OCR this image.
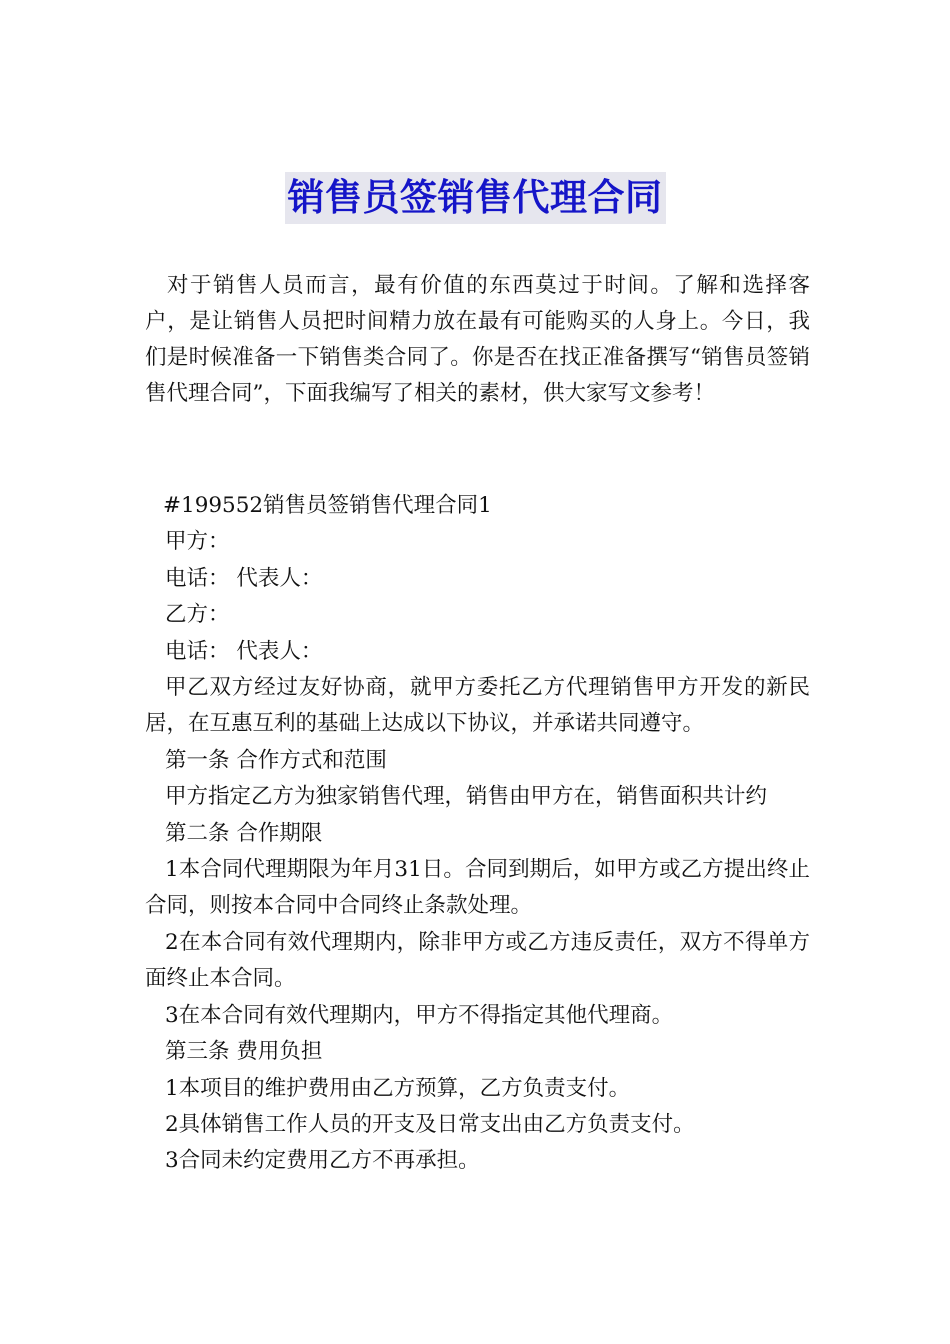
销售员签销售代理合同

对于销售人员而言，最有价值的东西莫过于时间。了解和选择客户，是让销售人员把时间精力放在最有可能购买的人身上。今日，我们是时候准备一下销售类合同了。你是否在找正准备撰写“销售员签销售代理合同”，下面我编写了相关的素材，供大家写文参考！

#199552销售员签销售代理合同1

甲方：

电话： 代表人：

乙方：

电话： 代表人：

甲乙双方经过友好协商，就甲方委托乙方代理销售甲方开发的新民居，在互惠互利的基础上达成以下协议，并承诺共同遵守。

第一条 合作方式和范围

甲方指定乙方为独家销售代理，销售由甲方在，销售面积共计约

第二条 合作期限

1本合同代理期限为年月31日。合同到期后，如甲方或乙方提出终止合同，则按本合同中合同终止条款处理。

2在本合同有效代理期内，除非甲方或乙方违反责任，双方不得单方面终止本合同。

3在本合同有效代理期内，甲方不得指定其他代理商。

第三条 费用负担

1本项目的维护费用由乙方预算，乙方负责支付。

2具体销售工作人员的开支及日常支出由乙方负责支付。

3合同未约定费用乙方不再承担。
